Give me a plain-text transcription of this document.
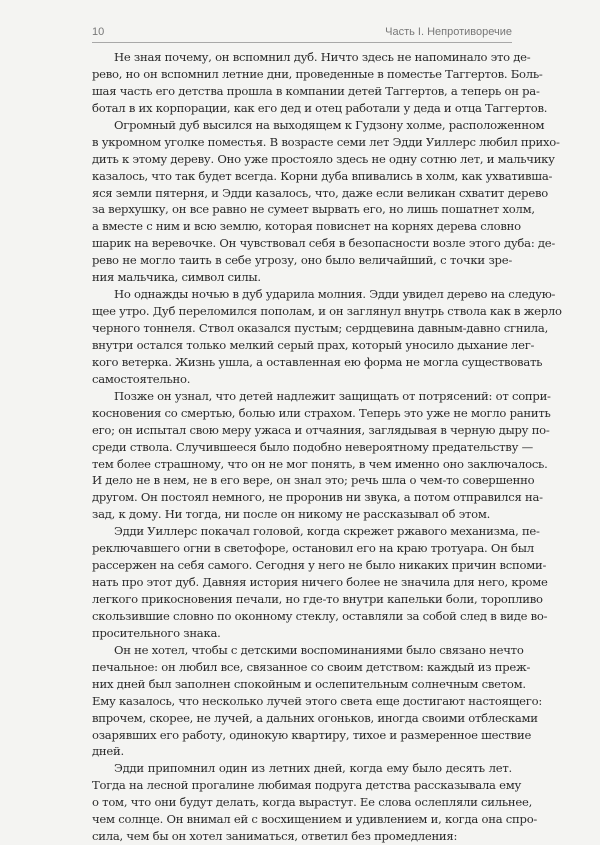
10	Часть I. Непротиворечие
Не зная почему, он вспомнил дуб. Ничто здесь не напоминало это де-
рево, но он вспомнил летние дни, проведенные в поместье Таггертов. Боль-
шая часть его детства прошла в компании детей Таггертов, а теперь он ра-
ботал в их корпорации, как его дед и отец работали у деда и отца Таггертов.
Огромный дуб высился на выходящем к Гудзону холме, расположенном
в укромном уголке поместья. В возрасте семи лет Эдди Уиллерс любил прихо-
дить к этому дереву. Оно уже простояло здесь не одну сотню лет, и мальчику
казалось, что так будет всегда. Корни дуба впивались в холм, как ухвативша-
яся земли пятерня, и Эдди казалось, что, даже если великан схватит дерево
за верхушку, он все равно не сумеет вырвать его, но лишь пошатнет холм,
а вместе с ним и всю землю, которая повиснет на корнях дерева словно
шарик на веревочке. Он чувствовал себя в безопасности возле этого дуба: де-
рево не могло таить в себе угрозу, оно было величайший, с точки зре-
ния мальчика, символ силы.
Но однажды ночью в дуб ударила молния. Эдди увидел дерево на следую-
щее утро. Дуб переломился пополам, и он заглянул внутрь ствола как в жерло
черного тоннеля. Ствол оказался пустым; сердцевина давным-давно сгнила,
внутри остался только мелкий серый прах, который уносило дыхание лег-
кого ветерка. Жизнь ушла, а оставленная ею форма не могла существовать
самостоятельно.
Позже он узнал, что детей надлежит защищать от потрясений: от сопри-
косновения со смертью, болью или страхом. Теперь это уже не могло ранить
его; он испытал свою меру ужаса и отчаяния, заглядывая в черную дыру по-
среди ствола. Случившееся было подобно невероятному предательству —
тем более страшному, что он не мог понять, в чем именно оно заключалось.
И дело не в нем, не в его вере, он знал это; речь шла о чем-то совершенно
другом. Он постоял немного, не проронив ни звука, а потом отправился на-
зад, к дому. Ни тогда, ни после он никому не рассказывал об этом.
Эдди Уиллерс покачал головой, когда скрежет ржавого механизма, пе-
реключавшего огни в светофоре, остановил его на краю тротуара. Он был
рассержен на себя самого. Сегодня у него не было никаких причин вспоми-
нать про этот дуб. Давняя история ничего более не значила для него, кроме
легкого прикосновения печали, но где-то внутри капельки боли, торопливо
скользившие словно по оконному стеклу, оставляли за собой след в виде во-
просительного знака.
Он не хотел, чтобы с детскими воспоминаниями было связано нечто
печальное: он любил все, связанное со своим детством: каждый из преж-
них дней был заполнен спокойным и ослепительным солнечным светом.
Ему казалось, что несколько лучей этого света еще достигают настоящего:
впрочем, скорее, не лучей, а дальних огоньков, иногда своими отблесками
озарявших его работу, одинокую квартиру, тихое и размеренное шествие
дней.
Эдди припомнил один из летних дней, когда ему было десять лет.
Тогда на лесной прогалине любимая подруга детства рассказывала ему
о том, что они будут делать, когда вырастут. Ее слова ослепляли сильнее,
чем солнце. Он внимал ей с восхищением и удивлением и, когда она спро-
сила, чем бы он хотел заниматься, ответил без промедления:
